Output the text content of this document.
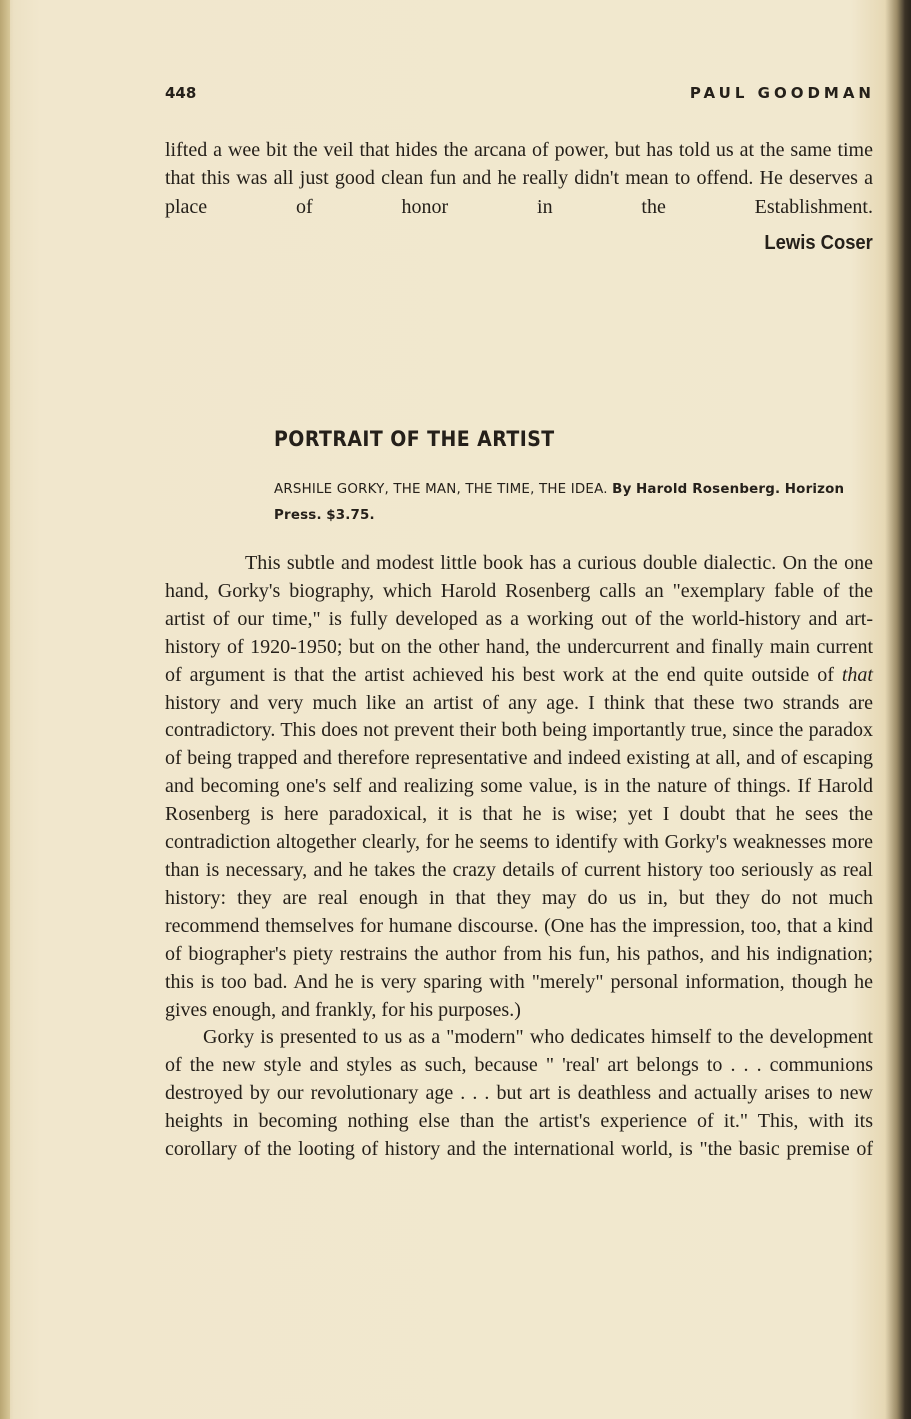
448	PAUL GOODMAN
lifted a wee bit the veil that hides the arcana of power, but has told us at the same time that this was all just good clean fun and he really didn't mean to offend. He deserves a place of honor in the Establishment.
Lewis Coser
PORTRAIT OF THE ARTIST
ARSHILE GORKY, THE MAN, THE TIME, THE IDEA. By Harold Rosenberg. Horizon Press. $3.75.

This subtle and modest little book has a curious double dialectic. On the one hand, Gorky's biography, which Harold Rosenberg calls an "exemplary fable of the artist of our time," is fully developed as a working out of the world-history and art-history of 1920-1950; but on the other hand, the undercurrent and finally main current of argument is that the artist achieved his best work at the end quite outside of that history and very much like an artist of any age. I think that these two strands are contradictory. This does not prevent their both being importantly true, since the paradox of being trapped and therefore representative and indeed existing at all, and of escaping and becoming one's self and realizing some value, is in the nature of things. If Harold Rosenberg is here paradoxical, it is that he is wise; yet I doubt that he sees the contradiction altogether clearly, for he seems to identify with Gorky's weaknesses more than is necessary, and he takes the crazy details of current history too seriously as real history: they are real enough in that they may do us in, but they do not much recommend themselves for humane discourse. (One has the impression, too, that a kind of biographer's piety restrains the author from his fun, his pathos, and his indignation; this is too bad. And he is very sparing with "merely" personal information, though he gives enough, and frankly, for his purposes.)

Gorky is presented to us as a "modern" who dedicates himself to the development of the new style and styles as such, because " 'real' art belongs to . . . communions destroyed by our revolutionary age . . . but art is deathless and actually arises to new heights in becoming nothing else than the artist's experience of it." This, with its corollary of the looting of history and the international world, is "the basic premise of
